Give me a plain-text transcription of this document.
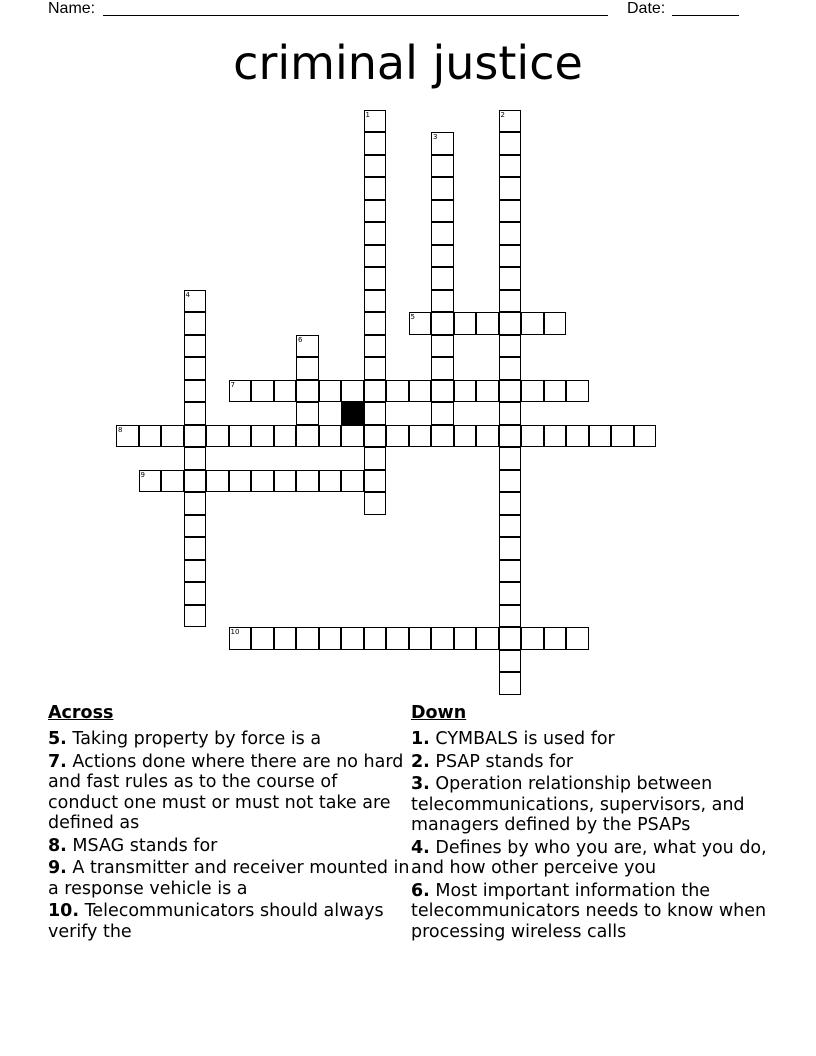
Name:	Date:
criminal justice
1	2
3
4
5
6
7
8
9
10
Across
5. Taking property by force is a
7. Actions done where there are no hard and fast rules as to the course of conduct one must or must not take are defined as
8. MSAG stands for
9. A transmitter and receiver mounted in a response vehicle is a
10. Telecommunicators should always verify the
Down
1. CYMBALS is used for
2. PSAP stands for
3. Operation relationship between telecommunications, supervisors, and managers defined by the PSAPs
4. Defines by who you are, what you do, and how other perceive you
6. Most important information the telecommunicators needs to know when processing wireless calls
